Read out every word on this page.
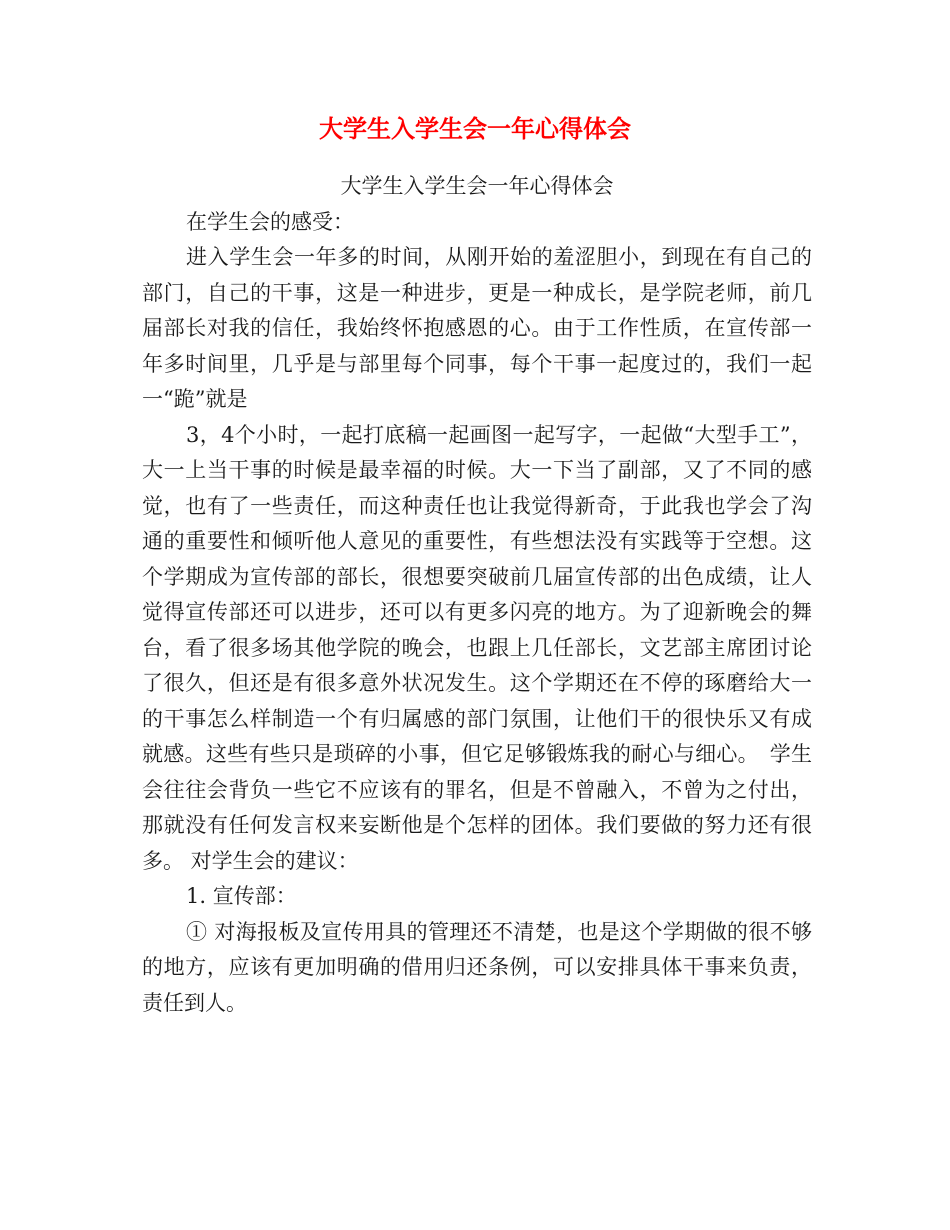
大学生入学生会一年心得体会

大学生入学生会一年心得体会

在学生会的感受：

进入学生会一年多的时间，从刚开始的羞涩胆小，到现在有自己的部门，自己的干事，这是一种进步，更是一种成长，是学院老师，前几届部长对我的信任，我始终怀抱感恩的心。由于工作性质，在宣传部一年多时间里，几乎是与部里每个同事，每个干事一起度过的，我们一起一“跪”就是

3，4个小时，一起打底稿一起画图一起写字，一起做“大型手工”，大一上当干事的时候是最幸福的时候。大一下当了副部，又了不同的感觉，也有了一些责任，而这种责任也让我觉得新奇，于此我也学会了沟通的重要性和倾听他人意见的重要性，有些想法没有实践等于空想。这个学期成为宣传部的部长，很想要突破前几届宣传部的出色成绩，让人觉得宣传部还可以进步，还可以有更多闪亮的地方。为了迎新晚会的舞台，看了很多场其他学院的晚会，也跟上几任部长，文艺部主席团讨论了很久，但还是有很多意外状况发生。这个学期还在不停的琢磨给大一的干事怎么样制造一个有归属感的部门氛围，让他们干的很快乐又有成就感。这些有些只是琐碎的小事，但它足够锻炼我的耐心与细心。　学生会往往会背负一些它不应该有的罪名，但是不曾融入，不曾为之付出，那就没有任何发言权来妄断他是个怎样的团体。我们要做的努力还有很多。 对学生会的建议：

1. 宣传部：

① 对海报板及宣传用具的管理还不清楚，也是这个学期做的很不够的地方，应该有更加明确的借用归还条例，可以安排具体干事来负责，责任到人。
